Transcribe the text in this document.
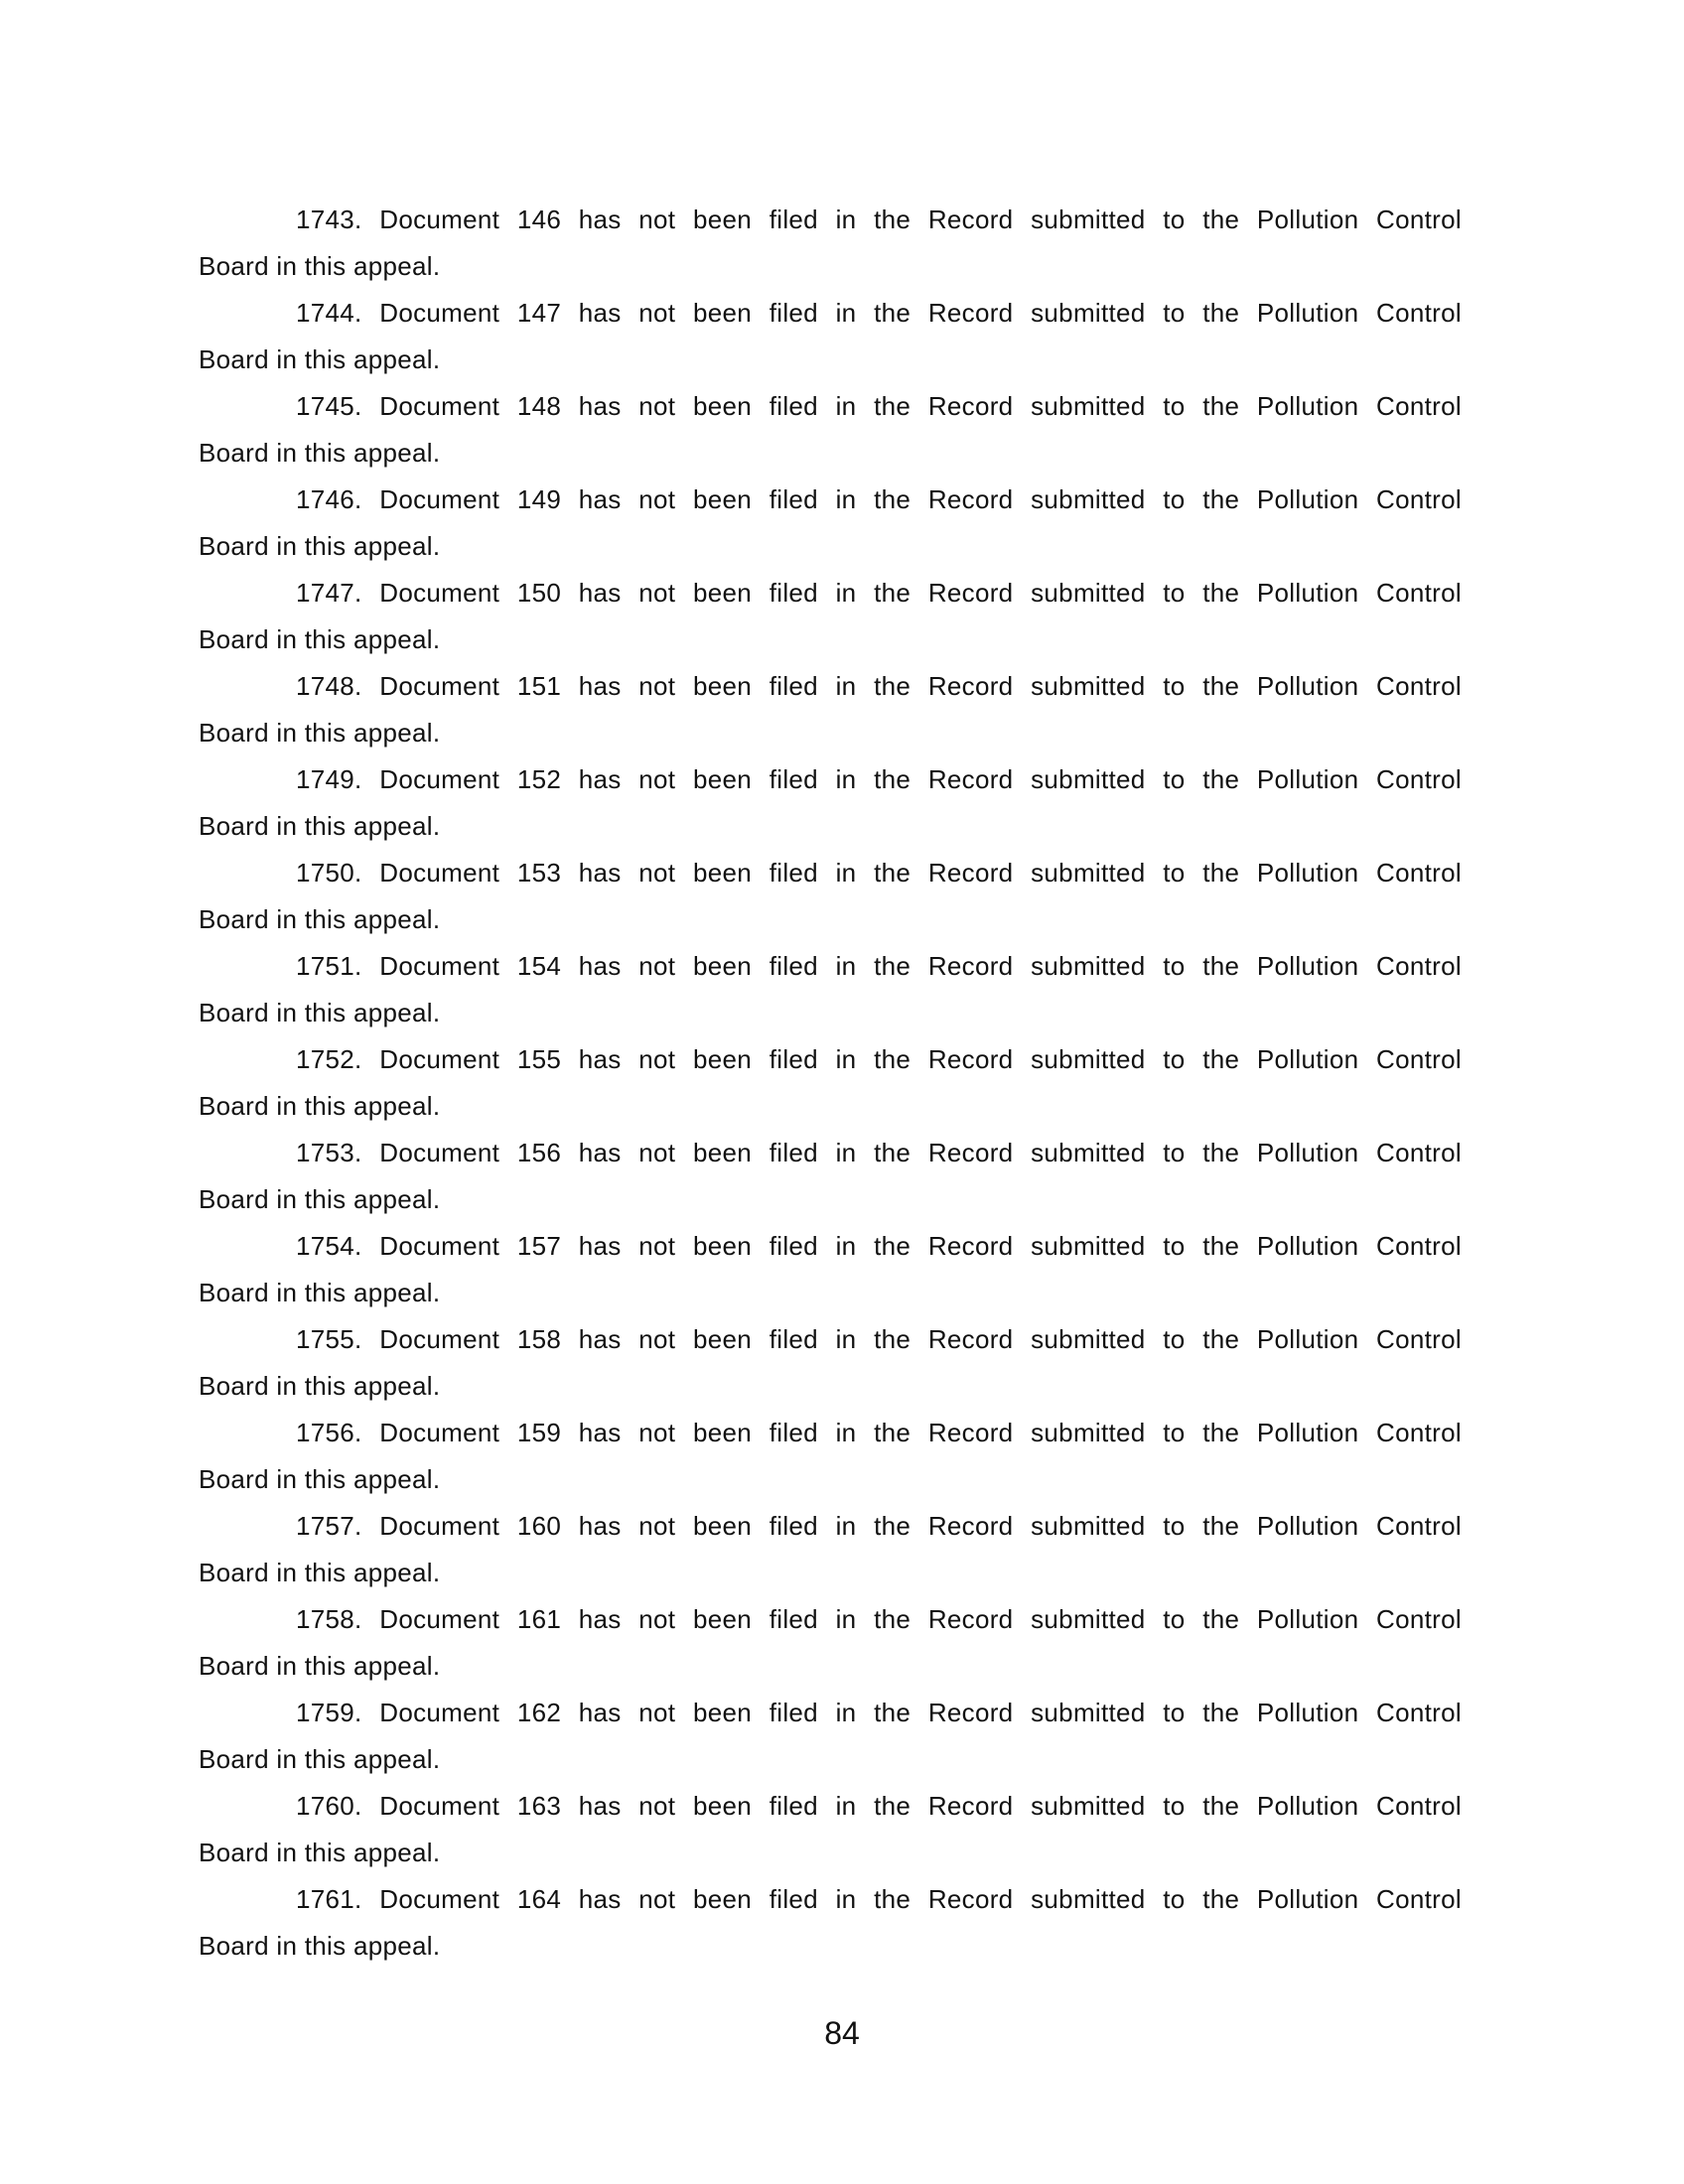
1743. Document 146 has not been filed in the Record submitted to the Pollution Control
Board in this appeal.
1744. Document 147 has not been filed in the Record submitted to the Pollution Control
Board in this appeal.
1745. Document 148 has not been filed in the Record submitted to the Pollution Control
Board in this appeal.
1746. Document 149 has not been filed in the Record submitted to the Pollution Control
Board in this appeal.
1747. Document 150 has not been filed in the Record submitted to the Pollution Control
Board in this appeal.
1748. Document 151 has not been filed in the Record submitted to the Pollution Control
Board in this appeal.
1749. Document 152 has not been filed in the Record submitted to the Pollution Control
Board in this appeal.
1750. Document 153 has not been filed in the Record submitted to the Pollution Control
Board in this appeal.
1751. Document 154 has not been filed in the Record submitted to the Pollution Control
Board in this appeal.
1752. Document 155 has not been filed in the Record submitted to the Pollution Control
Board in this appeal.
1753. Document 156 has not been filed in the Record submitted to the Pollution Control
Board in this appeal.
1754. Document 157 has not been filed in the Record submitted to the Pollution Control
Board in this appeal.
1755. Document 158 has not been filed in the Record submitted to the Pollution Control
Board in this appeal.
1756. Document 159 has not been filed in the Record submitted to the Pollution Control
Board in this appeal.
1757. Document 160 has not been filed in the Record submitted to the Pollution Control
Board in this appeal.
1758. Document 161 has not been filed in the Record submitted to the Pollution Control
Board in this appeal.
1759. Document 162 has not been filed in the Record submitted to the Pollution Control
Board in this appeal.
1760. Document 163 has not been filed in the Record submitted to the Pollution Control
Board in this appeal.
1761. Document 164 has not been filed in the Record submitted to the Pollution Control
Board in this appeal.
84
